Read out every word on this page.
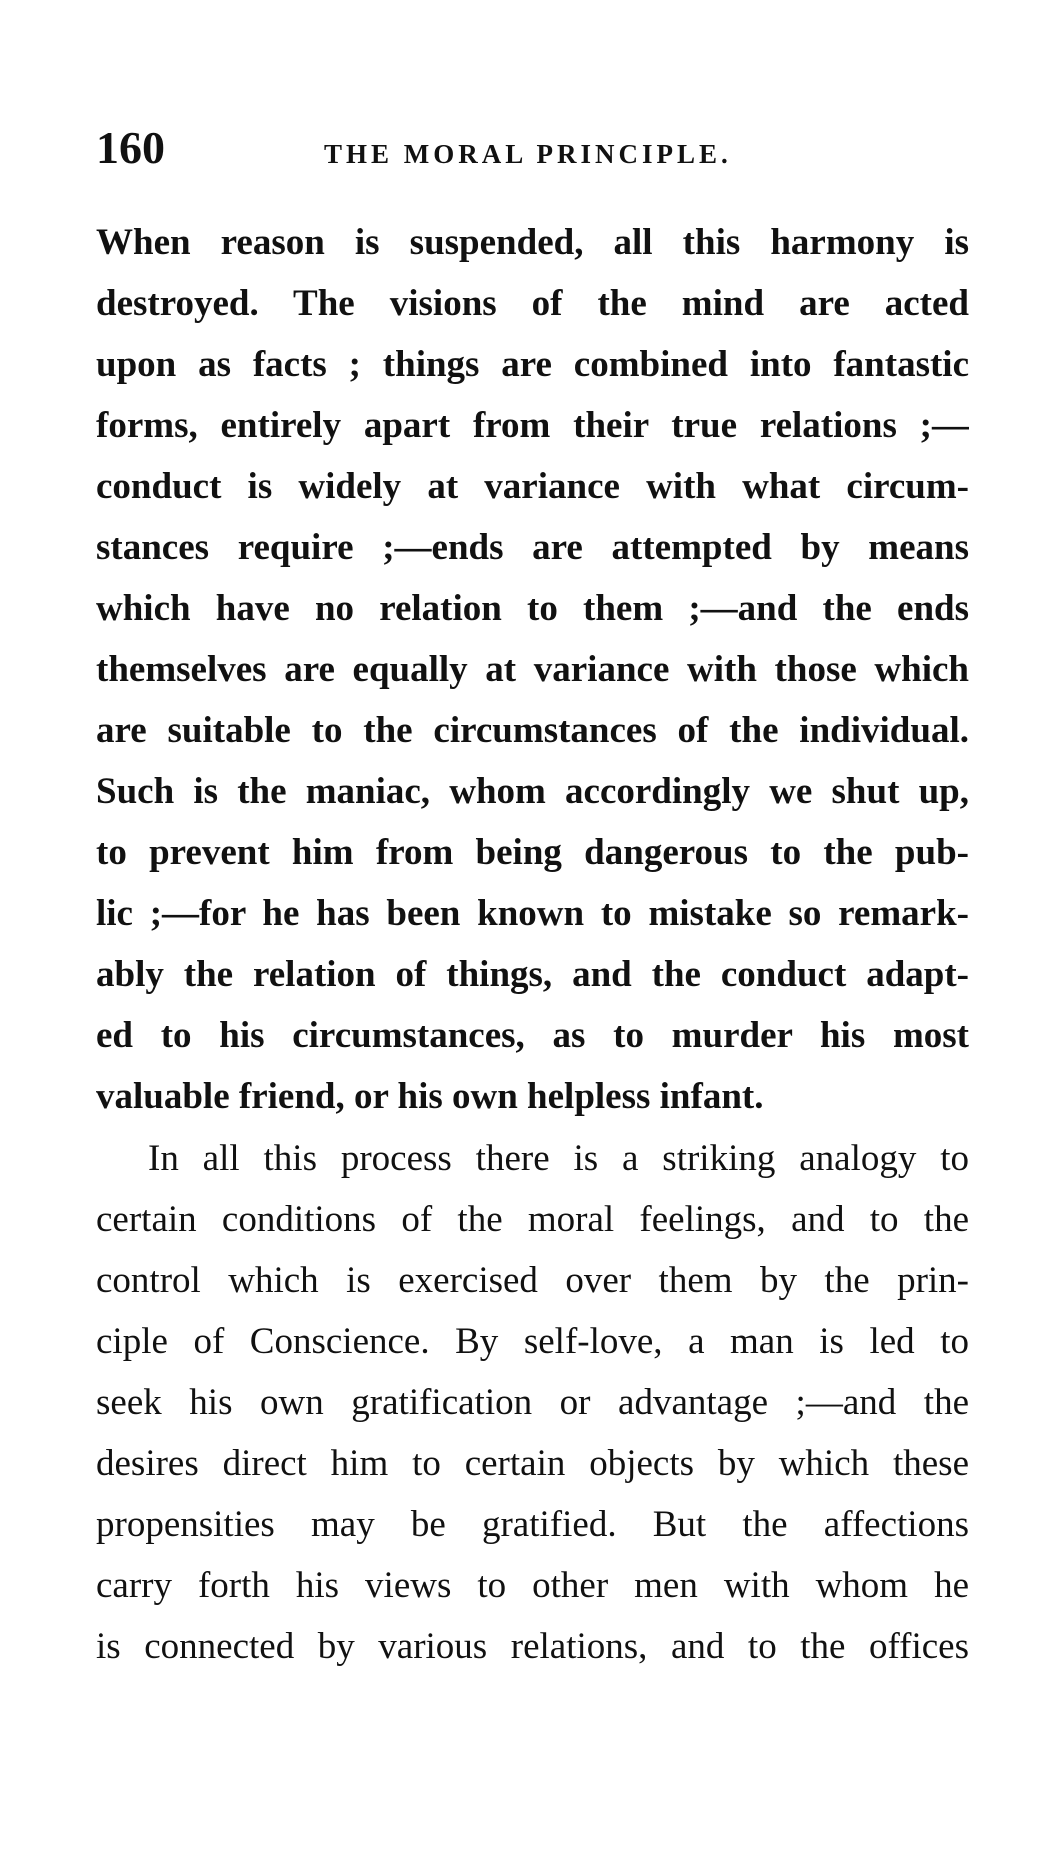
160	THE MORAL PRINCIPLE.
When reason is suspended, all this harmony is
destroyed. The visions of the mind are acted
upon as facts ; things are combined into fantastic
forms, entirely apart from their true relations ;—
conduct is widely at variance with what circum-
stances require ;—ends are attempted by means
which have no relation to them ;—and the ends
themselves are equally at variance with those which
are suitable to the circumstances of the individual.
Such is the maniac, whom accordingly we shut up,
to prevent him from being dangerous to the pub-
lic ;—for he has been known to mistake so remark-
ably the relation of things, and the conduct adapt-
ed to his circumstances, as to murder his most
valuable friend, or his own helpless infant.
In all this process there is a striking analogy to
certain conditions of the moral feelings, and to the
control which is exercised over them by the prin-
ciple of Conscience. By self-love, a man is led to
seek his own gratification or advantage ;—and the
desires direct him to certain objects by which these
propensities may be gratified. But the affections
carry forth his views to other men with whom he
is connected by various relations, and to the offices
